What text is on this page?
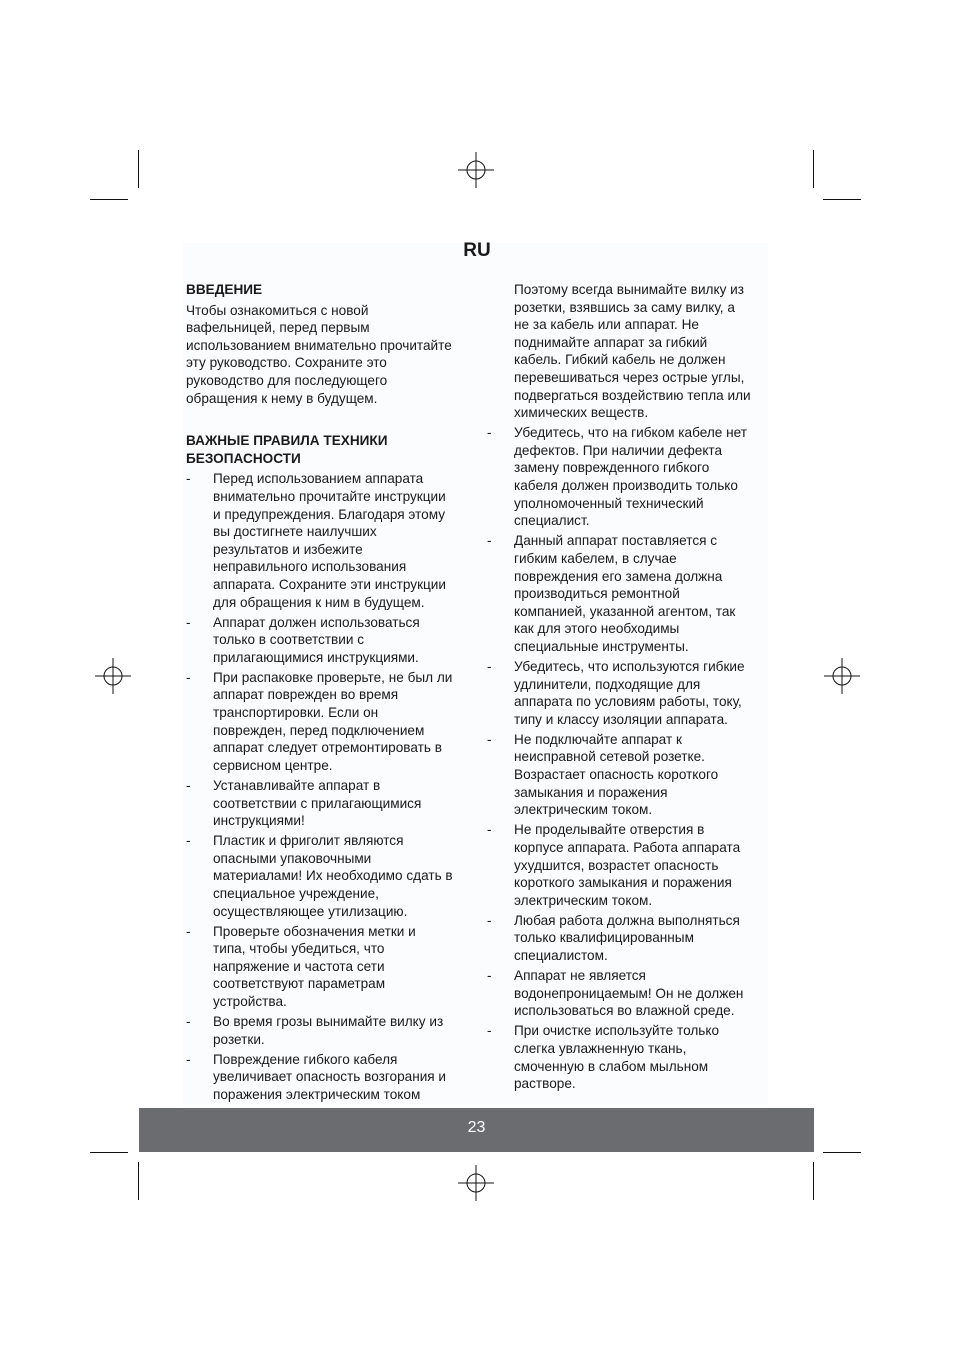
RU
ВВЕДЕНИЕ
Чтобы ознакомиться с новой
вафельницей, перед первым
использованием внимательно прочитайте
эту руководство. Сохраните это
руководство для последующего
обращения к нему в будущем.
ВАЖНЫЕ ПРАВИЛА ТЕХНИКИ
БЕЗОПАСНОСТИ
- Перед использованием аппарата
внимательно прочитайте инструкции
и предупреждения. Благодаря этому
вы достигнете наилучших
результатов и избежите
неправильного использования
аппарата. Сохраните эти инструкции
для обращения к ним в будущем.
- Аппарат должен использоваться
только в соответствии с
прилагающимися инструкциями.
- При распаковке проверьте, не был ли
аппарат поврежден во время
транспортировки. Если он
поврежден, перед подключением
аппарат следует отремонтировать в
сервисном центре.
- Устанавливайте аппарат в
соответствии с прилагающимися
инструкциями!
- Пластик и фриголит являются
опасными упаковочными
материалами! Их необходимо сдать в
специальное учреждение,
осуществляющее утилизацию.
- Проверьте обозначения метки и
типа, чтобы убедиться, что
напряжение и частота сети
соответствуют параметрам
устройства.
- Во время грозы вынимайте вилку из
розетки.
- Повреждение гибкого кабеля
увеличивает опасность возгорания и
поражения электрическим током
Поэтому всегда вынимайте вилку из
розетки, взявшись за саму вилку, а
не за кабель или аппарат. Не
поднимайте аппарат за гибкий
кабель. Гибкий кабель не должен
перевешиваться через острые углы,
подвергаться воздействию тепла или
химических веществ.
- Убедитесь, что на гибком кабеле нет
дефектов. При наличии дефекта
замену поврежденного гибкого
кабеля должен производить только
уполномоченный технический
специалист.
- Данный аппарат поставляется с
гибким кабелем, в случае
повреждения его замена должна
производиться ремонтной
компанией, указанной агентом, так
как для этого необходимы
специальные инструменты.
- Убедитесь, что используются гибкие
удлинители, подходящие для
аппарата по условиям работы, току,
типу и классу изоляции аппарата.
- Не подключайте аппарат к
неисправной сетевой розетке.
Возрастает опасность короткого
замыкания и поражения
электрическим током.
- Не проделывайте отверстия в
корпусе аппарата. Работа аппарата
ухудшится, возрастет опасность
короткого замыкания и поражения
электрическим током.
- Любая работа должна выполняться
только квалифицированным
специалистом.
- Аппарат не является
водонепроницаемым! Он не должен
использоваться во влажной среде.
- При очистке используйте только
слегка увлажненную ткань,
смоченную в слабом мыльном
растворе.
23
